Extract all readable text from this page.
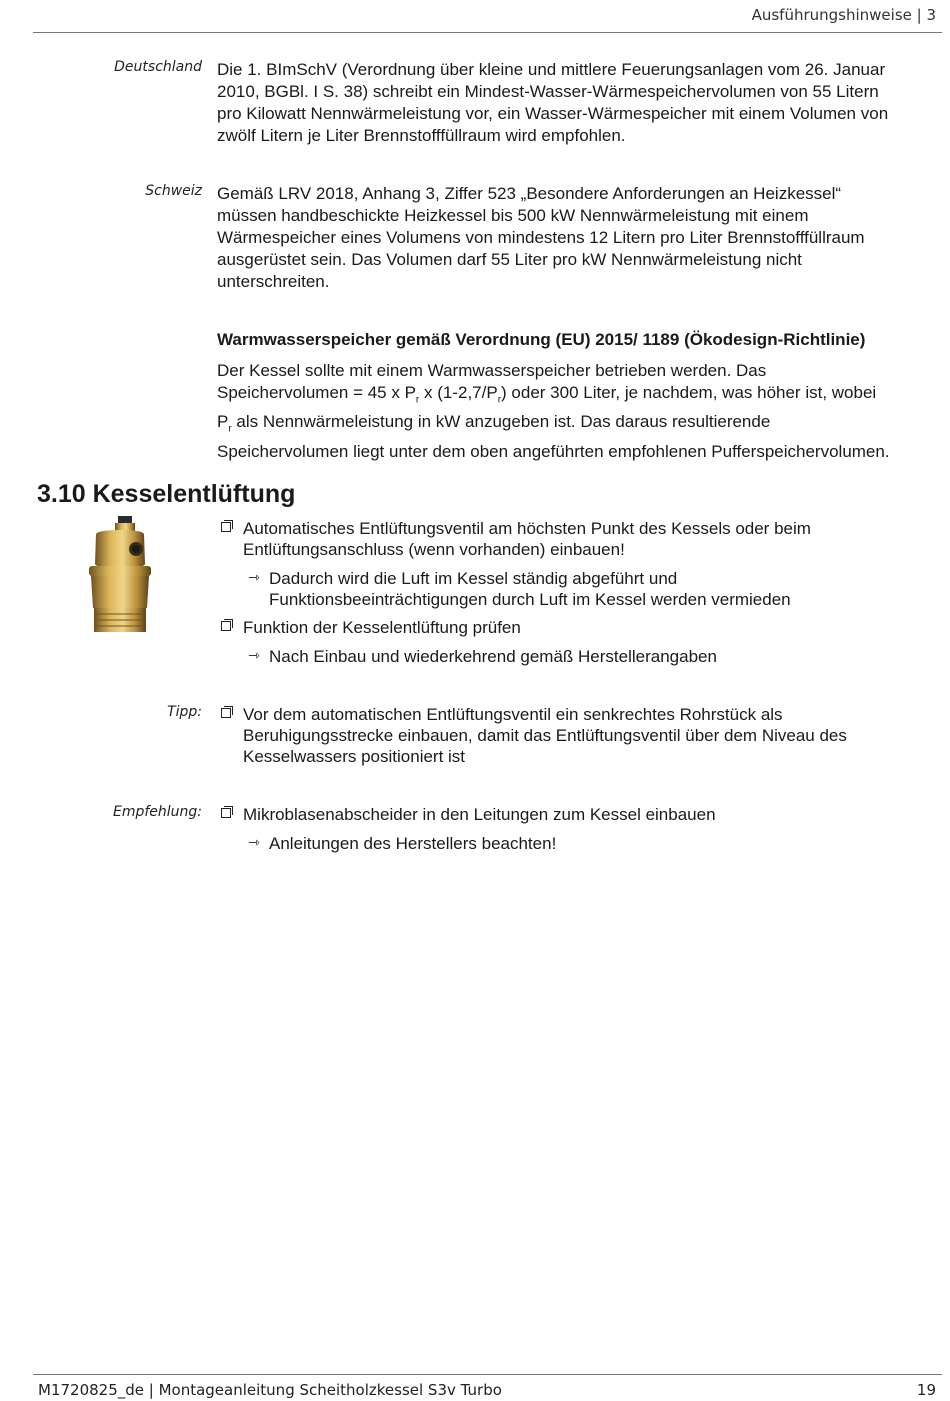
Ausführungshinweise | 3
Deutschland Die 1. BImSchV (Verordnung über kleine und mittlere Feuerungsanlagen vom 26. Januar
2010, BGBl. I S. 38) schreibt ein Mindest-Wasser-Wärmespeichervolumen von 55 Litern
pro Kilowatt Nennwärmeleistung vor, ein Wasser-Wärmespeicher mit einem Volumen von
zwölf Litern je Liter Brennstofffüllraum wird empfohlen.
Schweiz Gemäß LRV 2018, Anhang 3, Ziffer 523 „Besondere Anforderungen an Heizkessel“
müssen handbeschickte Heizkessel bis 500 kW Nennwärmeleistung mit einem
Wärmespeicher eines Volumens von mindestens 12 Litern pro Liter Brennstofffüllraum
ausgerüstet sein. Das Volumen darf 55 Liter pro kW Nennwärmeleistung nicht
unterschreiten.
Warmwasserspeicher gemäß Verordnung (EU) 2015/ 1189 (Ökodesign-Richtlinie)
Der Kessel sollte mit einem Warmwasserspeicher betrieben werden. Das
Speichervolumen = 45 x $P_r$ x $(1-2,7/P_r)$ oder 300 Liter, je nachdem, was höher ist, wobei
$P_r$ als Nennwärmeleistung in kW anzugeben ist. Das daraus resultierende
Speichervolumen liegt unter dem oben angeführten empfohlenen Pufferspeichervolumen.
3.10 Kesselentlüftung
Automatisches Entlüftungsventil am höchsten Punkt des Kessels oder beim
Entlüftungsanschluss (wenn vorhanden) einbauen!
⇾ Dadurch wird die Luft im Kessel ständig abgeführt und
Funktionsbeeinträchtigungen durch Luft im Kessel werden vermieden
Funktion der Kesselentlüftung prüfen
⇾ Nach Einbau und wiederkehrend gemäß Herstellerangaben
Tipp: Vor dem automatischen Entlüftungsventil ein senkrechtes Rohrstück als
Beruhigungsstrecke einbauen, damit das Entlüftungsventil über dem Niveau des
Kesselwassers positioniert ist
Empfehlung: Mikroblasenabscheider in den Leitungen zum Kessel einbauen
⇾ Anleitungen des Herstellers beachten!
M1720825_de | Montageanleitung Scheitholzkessel S3v Turbo	19
